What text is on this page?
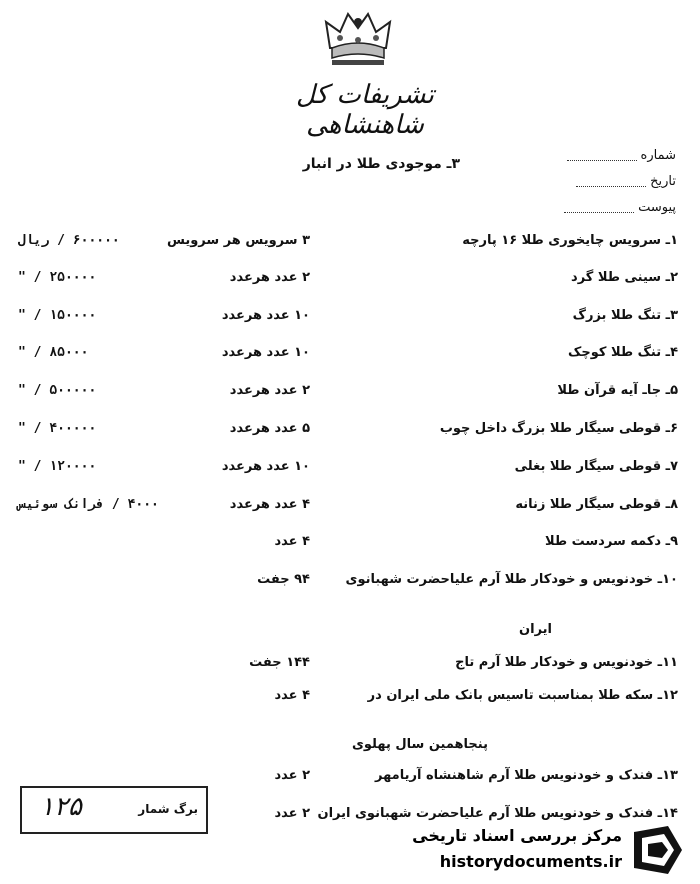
تشریفات کل شاهنشاهی
شماره
تاریخ
پیوست
۳ـ موجودی طلا در انبار
۱ـ سرویس چایخوری طلا ۱۶ پارچه
۳ سرویس هر سرویس
۶۰۰۰۰۰ / ریال
۲ـ سینی طلا گرد
۲ عدد هرعدد
۲۵۰۰۰۰ / "
۳ـ تنگ طلا بزرگ
۱۰ عدد هرعدد
۱۵۰۰۰۰ / "
۴ـ تنگ طلا کوچک
۱۰ عدد هرعدد
۸۵۰۰۰ / "
۵ـ جاـ آیه قرآن طلا
۲ عدد هرعدد
۵۰۰۰۰۰ / "
۶ـ قوطی سیگار طلا بزرگ داخل چوب
۵ عدد هرعدد
۴۰۰۰۰۰ / "
۷ـ قوطی سیگار طلا بغلی
۱۰ عدد هرعدد
۱۲۰۰۰۰ / "
۸ـ قوطی سیگار طلا زنانه
۴ عدد هرعدد
۴۰۰۰ / فرانک سوئیس
۹ـ دکمه سردست طلا
۴ عدد
۱۰ـ خودنویس و خودکار طلا آرم علیاحضرت شهبانوی
۹۴ جفت
۱۱ـ خودنویس و خودکار طلا آرم تاج
۱۴۴ جفت
۱۲ـ سکه طلا بمناسبت تاسیس بانک ملی ایران در
۴ عدد
۱۳ـ فندک و خودنویس طلا آرم شاهنشاه آریامهر
۲ عدد
۱۴ـ فندک و خودنویس طلا آرم علیاحضرت شهبانوی ایران
۲ عدد
ایران
پنجاهمین سال پهلوی
برگ شمار
۱۲۵
مرکز بررسی اسناد تاریخی
historydocuments.ir
